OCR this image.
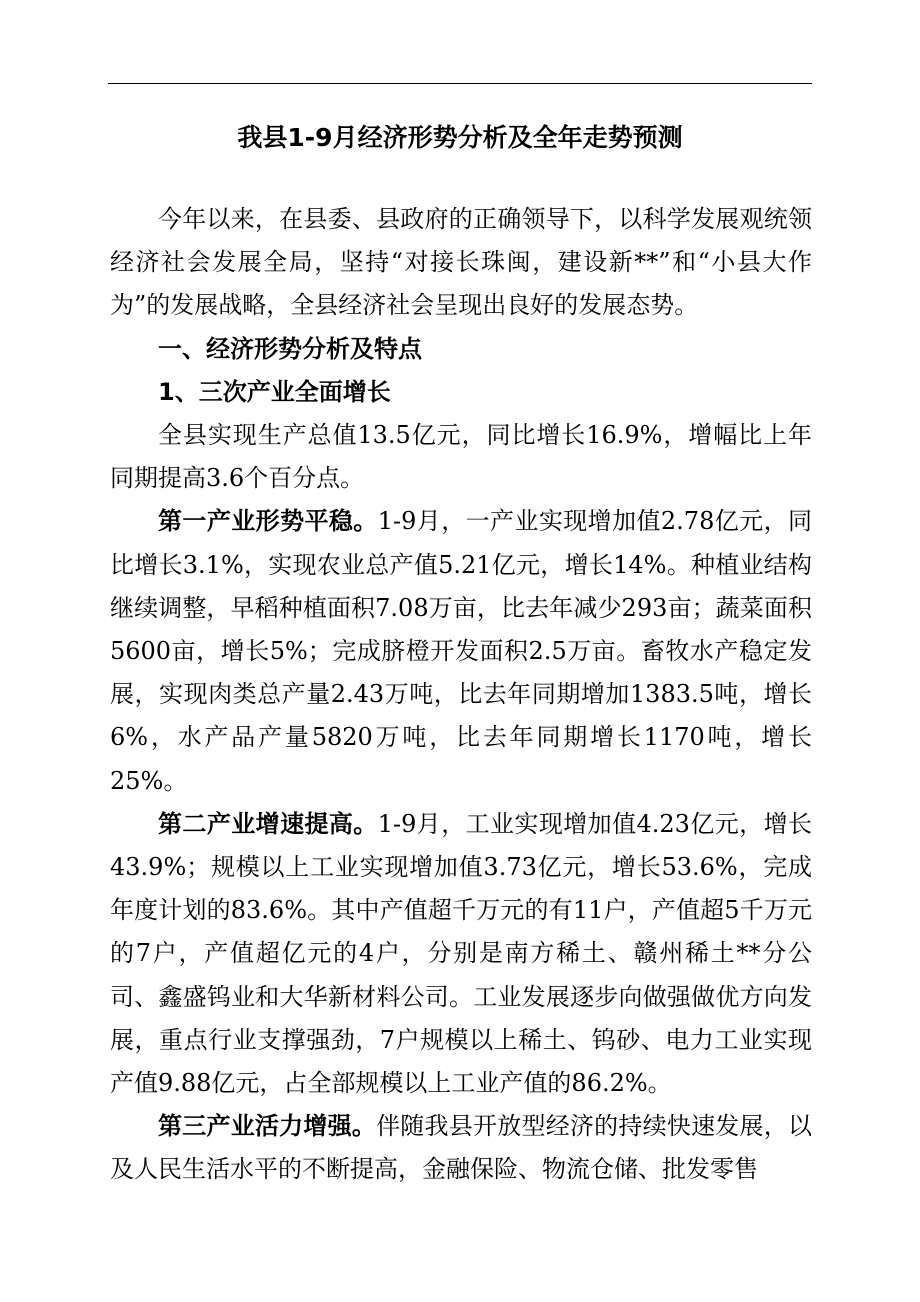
我县1-9月经济形势分析及全年走势预测

今年以来，在县委、县政府的正确领导下，以科学发展观统领经济社会发展全局，坚持“对接长珠闽，建设新**”和“小县大作为”的发展战略，全县经济社会呈现出良好的发展态势。

一、经济形势分析及特点

1、三次产业全面增长

全县实现生产总值13.5亿元，同比增长16.9%，增幅比上年同期提高3.6个百分点。

第一产业形势平稳。1-9月，一产业实现增加值2.78亿元，同比增长3.1%，实现农业总产值5.21亿元，增长14%。种植业结构继续调整，早稻种植面积7.08万亩，比去年减少293亩；蔬菜面积5600亩，增长5%；完成脐橙开发面积2.5万亩。畜牧水产稳定发展，实现肉类总产量2.43万吨，比去年同期增加1383.5吨，增长6%，水产品产量5820万吨，比去年同期增长1170吨，增长25%。

第二产业增速提高。1-9月，工业实现增加值4.23亿元，增长43.9%；规模以上工业实现增加值3.73亿元，增长53.6%，完成年度计划的83.6%。其中产值超千万元的有11户，产值超5千万元的7户，产值超亿元的4户，分别是南方稀土、赣州稀土**分公司、鑫盛钨业和大华新材料公司。工业发展逐步向做强做优方向发展，重点行业支撑强劲，7户规模以上稀土、钨砂、电力工业实现产值9.88亿元，占全部规模以上工业产值的86.2%。

第三产业活力增强。伴随我县开放型经济的持续快速发展，以及人民生活水平的不断提高，金融保险、物流仓储、批发零售
